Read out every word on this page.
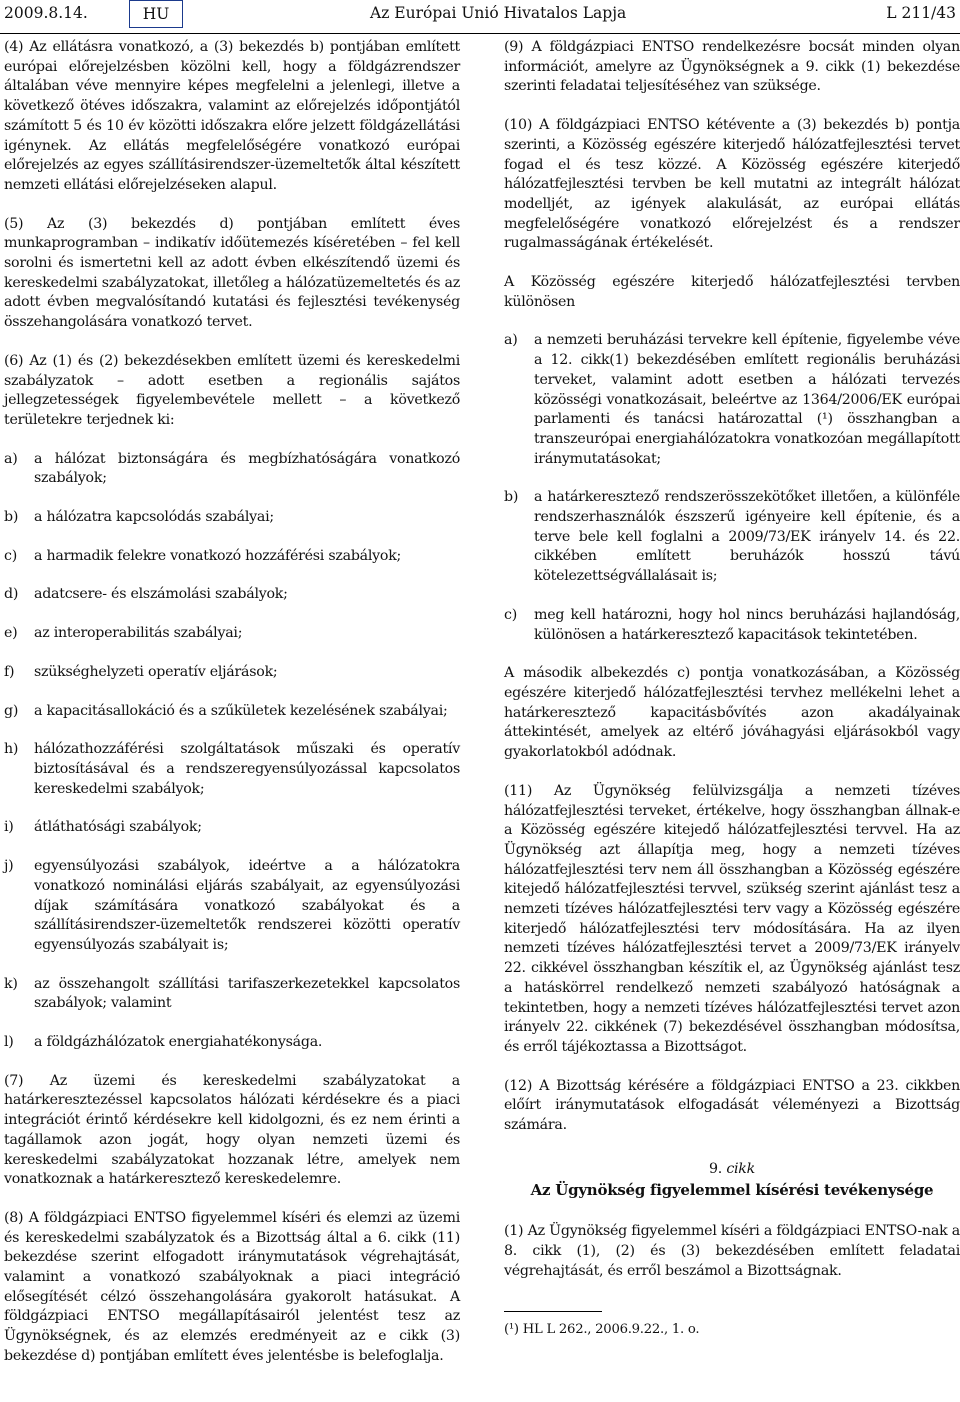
2009.8.14.	HU	Az Európai Unió Hivatalos Lapja	L 211/43

(4) Az ellátásra vonatkozó, a (3) bekezdés b) pontjában említett európai előrejelzésben közölni kell, hogy a földgázrendszer általában véve mennyire képes megfelelni a jelenlegi, illetve a következő ötéves időszakra, valamint az előrejelzés időpontjától számított 5 és 10 év közötti időszakra előre jelzett földgázellátási igénynek. Az ellátás megfelelőségére vonatkozó európai előrejelzés az egyes szállításirendszer-üzemeltetők által készített nemzeti ellátási előrejelzéseken alapul.

(5) Az (3) bekezdés d) pontjában említett éves munkaprogramban – indikatív időütemezés kíséretében – fel kell sorolni és ismertetni kell az adott évben elkészítendő üzemi és kereskedelmi szabályzatokat, illetőleg a hálózatüzemeltetés és az adott évben megvalósítandó kutatási és fejlesztési tevékenység összehangolására vonatkozó tervet.

(6) Az (1) és (2) bekezdésekben említett üzemi és kereskedelmi szabályzatok – adott esetben a regionális sajátos jellegzetességek figyelembevétele mellett – a következő területekre terjednek ki:

a) a hálózat biztonságára és megbízhatóságára vonatkozó szabályok;
b) a hálózatra kapcsolódás szabályai;
c) a harmadik felekre vonatkozó hozzáférési szabályok;
d) adatcsere- és elszámolási szabályok;
e) az interoperabilitás szabályai;
f) szükséghelyzeti operatív eljárások;
g) a kapacitásallokáció és a szűkületek kezelésének szabályai;
h) hálózathozzáférési szolgáltatások műszaki és operatív biztosításával és a rendszeregyensúlyozással kapcsolatos kereskedelmi szabályok;
i) átláthatósági szabályok;
j) egyensúlyozási szabályok, ideértve a a hálózatokra vonatkozó nominálási eljárás szabályait, az egyensúlyozási díjak számítására vonatkozó szabályokat és a szállításirendszer-üzemeltetők rendszerei közötti operatív egyensúlyozás szabályait is;
k) az összehangolt szállítási tarifaszerkezetekkel kapcsolatos szabályok; valamint
l) a földgázhálózatok energiahatékonysága.

(7) Az üzemi és kereskedelmi szabályzatokat a határkeresztezéssel kapcsolatos hálózati kérdésekre és a piaci integrációt érintő kérdésekre kell kidolgozni, és ez nem érinti a tagállamok azon jogát, hogy olyan nemzeti üzemi és kereskedelmi szabályzatokat hozzanak létre, amelyek nem vonatkoznak a határkeresztező kereskedelemre.

(8) A földgázpiaci ENTSO figyelemmel kíséri és elemzi az üzemi és kereskedelmi szabályzatok és a Bizottság által a 6. cikk (11) bekezdése szerint elfogadott iránymutatások végrehajtását, valamint a vonatkozó szabályoknak a piaci integráció elősegítését célzó összehangolására gyakorolt hatásukat. A földgázpiaci ENTSO megállapításairól jelentést tesz az Ügynökségnek, és az elemzés eredményeit az e cikk (3) bekezdése d) pontjában említett éves jelentésbe is belefoglalja.

(9) A földgázpiaci ENTSO rendelkezésre bocsát minden olyan információt, amelyre az Ügynökségnek a 9. cikk (1) bekezdése szerinti feladatai teljesítéséhez van szüksége.

(10) A földgázpiaci ENTSO kétévente a (3) bekezdés b) pontja szerinti, a Közösség egészére kiterjedő hálózatfejlesztési tervet fogad el és tesz közzé. A Közösség egészére kiterjedő hálózatfejlesztési tervben be kell mutatni az integrált hálózat modelljét, az igények alakulását, az európai ellátás megfelelőségére vonatkozó előrejelzést és a rendszer rugalmasságának értékelését.

A Közösség egészére kiterjedő hálózatfejlesztési tervben különösen

a) a nemzeti beruházási tervekre kell építenie, figyelembe véve a 12. cikk(1) bekezdésében említett regionális beruházási terveket, valamint adott esetben a hálózati tervezés közösségi vonatkozásait, beleértve az 1364/2006/EK európai parlamenti és tanácsi határozattal (¹) összhangban a transzeurópai energiahálózatokra vonatkozóan megállapított iránymutatásokat;
b) a határkeresztező rendszerösszekötőket illetően, a különféle rendszerhasználók észszerű igényeire kell építenie, és a terve bele kell foglalni a 2009/73/EK irányelv 14. és 22. cikkében említett beruházók hosszú távú kötelezettségvállalásait is;
c) meg kell határozni, hogy hol nincs beruházási hajlandóság, különösen a határkeresztező kapacitások tekintetében.

A második albekezdés c) pontja vonatkozásában, a Közösség egészére kiterjedő hálózatfejlesztési tervhez mellékelni lehet a határkeresztező kapacitásbővítés azon akadályainak áttekintését, amelyek az eltérő jóváhagyási eljárásokból vagy gyakorlatokból adódnak.

(11) Az Ügynökség felülvizsgálja a nemzeti tízéves hálózatfejlesztési terveket, értékelve, hogy összhangban állnak-e a Közösség egészére kitejedő hálózatfejlesztési tervvel. Ha az Ügynökség azt állapítja meg, hogy a nemzeti tízéves hálózatfejlesztési terv nem áll összhangban a Közösség egészére kitejedő hálózatfejlesztési tervvel, szükség szerint ajánlást tesz a nemzeti tízéves hálózatfejlesztési terv vagy a Közösség egészére kiterjedő hálózatfejlesztési terv módosítására. Ha az ilyen nemzeti tízéves hálózatfejlesztési tervet a 2009/73/EK irányelv 22. cikkével összhangban készítik el, az Ügynökség ajánlást tesz a hatáskörrel rendelkező nemzeti szabályozó hatóságnak a tekintetben, hogy a nemzeti tízéves hálózatfejlesztési tervet azon irányelv 22. cikkének (7) bekezdésével összhangban módosítsa, és erről tájékoztassa a Bizottságot.

(12) A Bizottság kérésére a földgázpiaci ENTSO a 23. cikkben előírt iránymutatások elfogadását véleményezi a Bizottság számára.

9. cikk
Az Ügynökség figyelemmel kísérési tevékenysége

(1) Az Ügynökség figyelemmel kíséri a földgázpiaci ENTSO-nak a 8. cikk (1), (2) és (3) bekezdésében említett feladatai végrehajtását, és erről beszámol a Bizottságnak.

(¹) HL L 262., 2006.9.22., 1. o.
